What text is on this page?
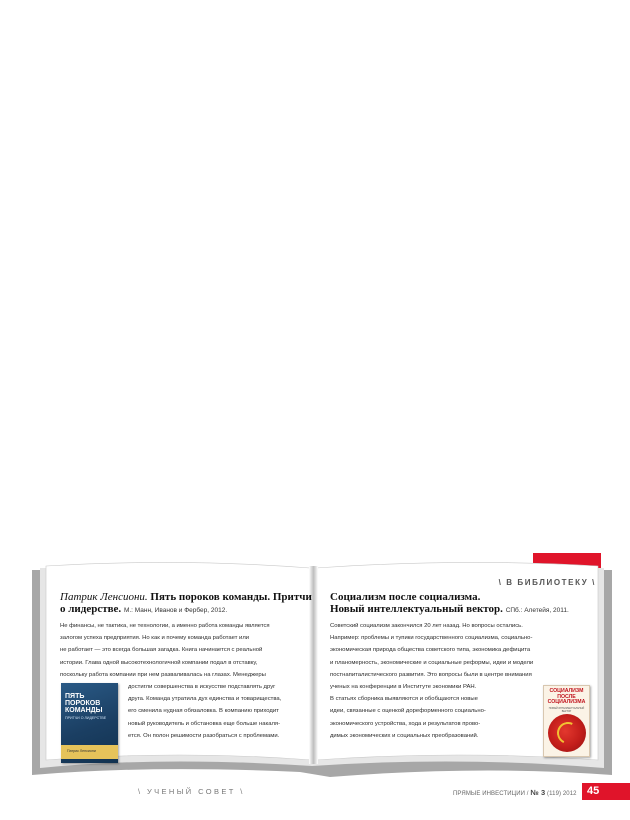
\ В БИБЛИОТЕКУ \

Патрик Ленсиони. Пять пороков команды. Притчи о лидерстве. М.: Манн, Иванов и Фербер, 2012.

Не финансы, не тактика, не технологии, а именно работа команды является
залогом успеха предприятия. Но как и почему команда работает или
не работает — это всегда большая загадка. Книга начинается с реальной
истории. Глава одной высокотехнологичной компании подал в отставку,
поскольку работа компании при нем разваливалась на глазах. Менеджеры

достигли совершенства в искусстве подставлять друг
друга. Команда утратила дух единства и товарищества,
его сменила нудная обязаловка. В компанию приходит
новый руководитель и обстановка еще больше накаля-
ется. Он полон решимости разобраться с проблемами.

ПЯТЬ ПОРОКОВ КОМАНДЫ
ПРИТЧИ О ЛИДЕРСТВЕ
Патрик Ленсиони

Социализм после социализма.
Новый интеллектуальный вектор. СПб.: Алетейя, 2011.

Советский социализм закончился 20 лет назад. Но вопросы остались.
Например: проблемы и тупики государственного социализма, социально-
экономическая природа общества советского типа, экономика дефицита
и планомерность, экономические и социальные реформы, идеи и модели
постнапиталистического развития. Это вопросы были в центре внимания
ученых на конференции в Институте экономики РАН.

В статьях сборника выявляются и обобщаются новые
идеи, связанные с оценкой дореформенного социально-
экономического устройства, хода и результатов прово-
димых экономических и социальных преобразований.

СОЦИАЛИЗМ ПОСЛЕ СОЦИАЛИЗМА
НОВЫЙ ИНТЕЛЛЕКТУАЛЬНЫЙ ВЕКТОР
\ УЧЕНЫЙ СОВЕТ \	ПРЯМЫЕ ИНВЕСТИЦИИ / № 3 (119) 2012 45
